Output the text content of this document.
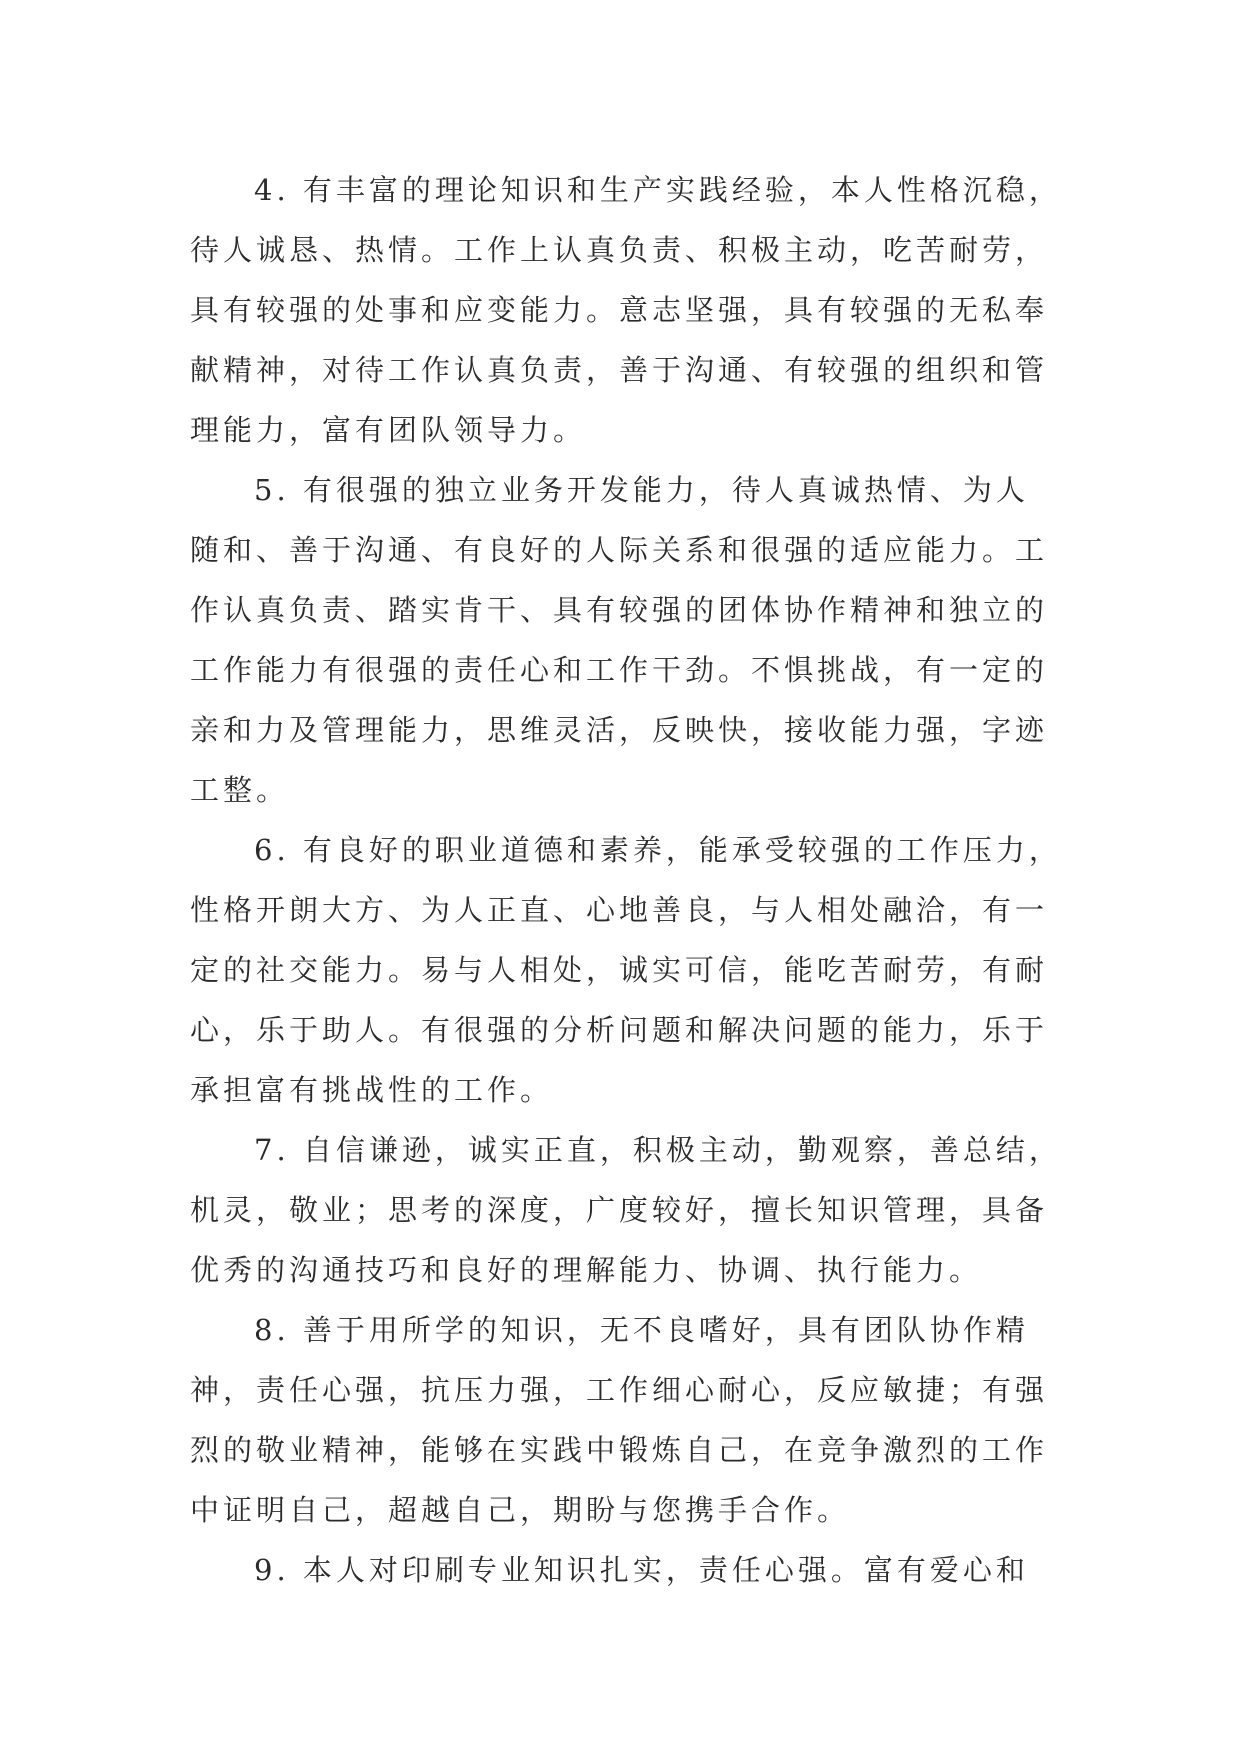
4. 有丰富的理论知识和生产实践经验，本人性格沉稳，
待人诚恳、热情。工作上认真负责、积极主动，吃苦耐劳，
具有较强的处事和应变能力。意志坚强，具有较强的无私奉
献精神，对待工作认真负责，善于沟通、有较强的组织和管
理能力，富有团队领导力。
5. 有很强的独立业务开发能力，待人真诚热情、为人
随和、善于沟通、有良好的人际关系和很强的适应能力。工
作认真负责、踏实肯干、具有较强的团体协作精神和独立的
工作能力有很强的责任心和工作干劲。不惧挑战，有一定的
亲和力及管理能力，思维灵活，反映快，接收能力强，字迹
工整。
6. 有良好的职业道德和素养，能承受较强的工作压力，
性格开朗大方、为人正直、心地善良，与人相处融洽，有一
定的社交能力。易与人相处，诚实可信，能吃苦耐劳，有耐
心，乐于助人。有很强的分析问题和解决问题的能力，乐于
承担富有挑战性的工作。
7. 自信谦逊，诚实正直，积极主动，勤观察，善总结，
机灵，敬业；思考的深度，广度较好，擅长知识管理，具备
优秀的沟通技巧和良好的理解能力、协调、执行能力。
8. 善于用所学的知识，无不良嗜好，具有团队协作精
神，责任心强，抗压力强，工作细心耐心，反应敏捷；有强
烈的敬业精神，能够在实践中锻炼自己，在竞争激烈的工作
中证明自己，超越自己，期盼与您携手合作。
9. 本人对印刷专业知识扎实，责任心强。富有爱心和
